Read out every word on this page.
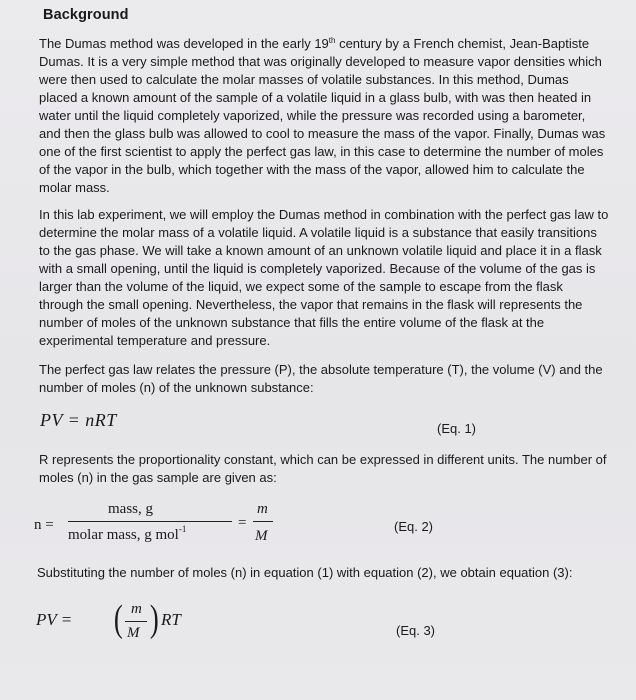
Background
The Dumas method was developed in the early 19th century by a French chemist, Jean-Baptiste Dumas. It is a very simple method that was originally developed to measure vapor densities which were then used to calculate the molar masses of volatile substances. In this method, Dumas placed a known amount of the sample of a volatile liquid in a glass bulb, with was then heated in water until the liquid completely vaporized, while the pressure was recorded using a barometer, and then the glass bulb was allowed to cool to measure the mass of the vapor. Finally, Dumas was one of the first scientist to apply the perfect gas law, in this case to determine the number of moles of the vapor in the bulb, which together with the mass of the vapor, allowed him to calculate the molar mass.
In this lab experiment, we will employ the Dumas method in combination with the perfect gas law to determine the molar mass of a volatile liquid. A volatile liquid is a substance that easily transitions to the gas phase. We will take a known amount of an unknown volatile liquid and place it in a flask with a small opening, until the liquid is completely vaporized. Because of the volume of the gas is larger than the volume of the liquid, we expect some of the sample to escape from the flask through the small opening. Nevertheless, the vapor that remains in the flask will represents the number of moles of the unknown substance that fills the entire volume of the flask at the experimental temperature and pressure.
The perfect gas law relates the pressure (P), the absolute temperature (T), the volume (V) and the number of moles (n) of the unknown substance:
PV = nRT	(Eq. 1)
R represents the proportionality constant, which can be expressed in different units. The number of moles (n) in the gas sample are given as:
n =
mass, g
molar mass, g mol$^{-1}$	=
m
M
(Eq. 2)
Substituting the number of moles (n) in equation (1) with equation (2), we obtain equation (3):
PV = ( m
M ) RT
(Eq. 3)
